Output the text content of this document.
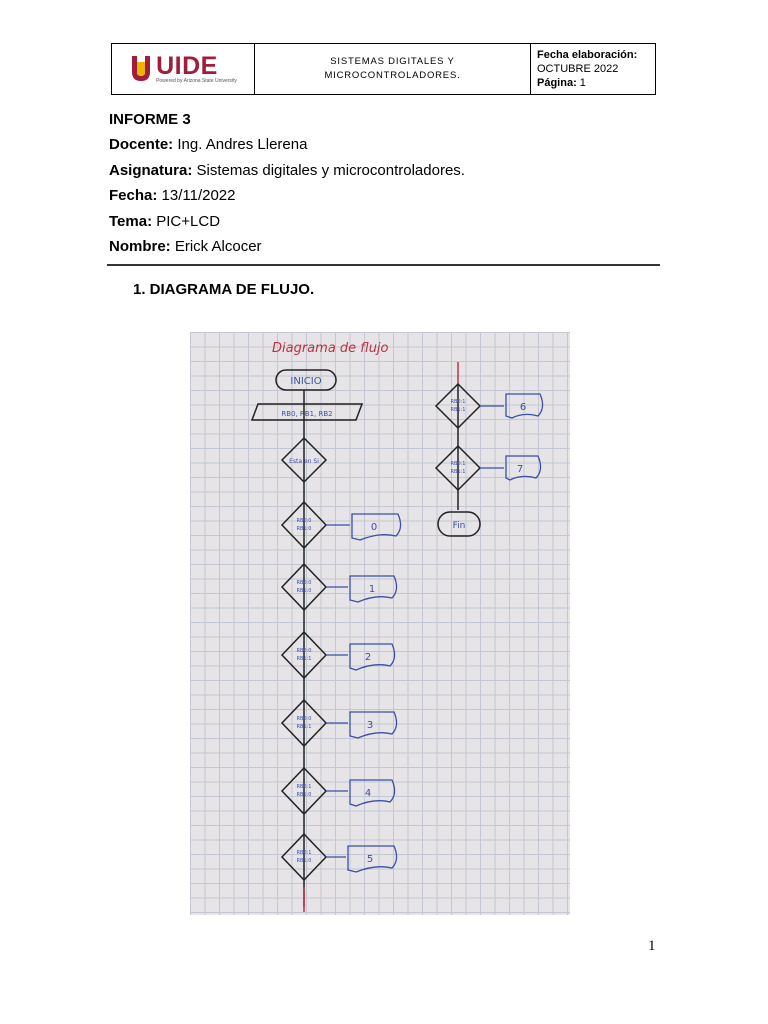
UIDE
Powered by Arizona State University
SISTEMAS DIGITALES Y MICROCONTROLADORES.
Fecha elaboración:
OCTUBRE 2022
Página: 1
INFORME 3
Docente: Ing. Andres Llerena
Asignatura: Sistemas digitales y microcontroladores.
Fecha: 13/11/2022
Tema: PIC+LCD
Nombre: Erick Alcocer
1. DIAGRAMA DE FLUJO.
Diagrama de flujo
INICIO
RB0, RB1, RB2
Esta en Si
RB0:0
RB1:0
RB0:0
RB1:0
RB0:0
RB1:1
RB0:0
RB1:1
RB0:1
RB1:0
RB0:1
RB1:0
0
1
2
3
4
5
RB0:1
RB1:1
RB0:1
RB1:1
6
7
Fin
1
